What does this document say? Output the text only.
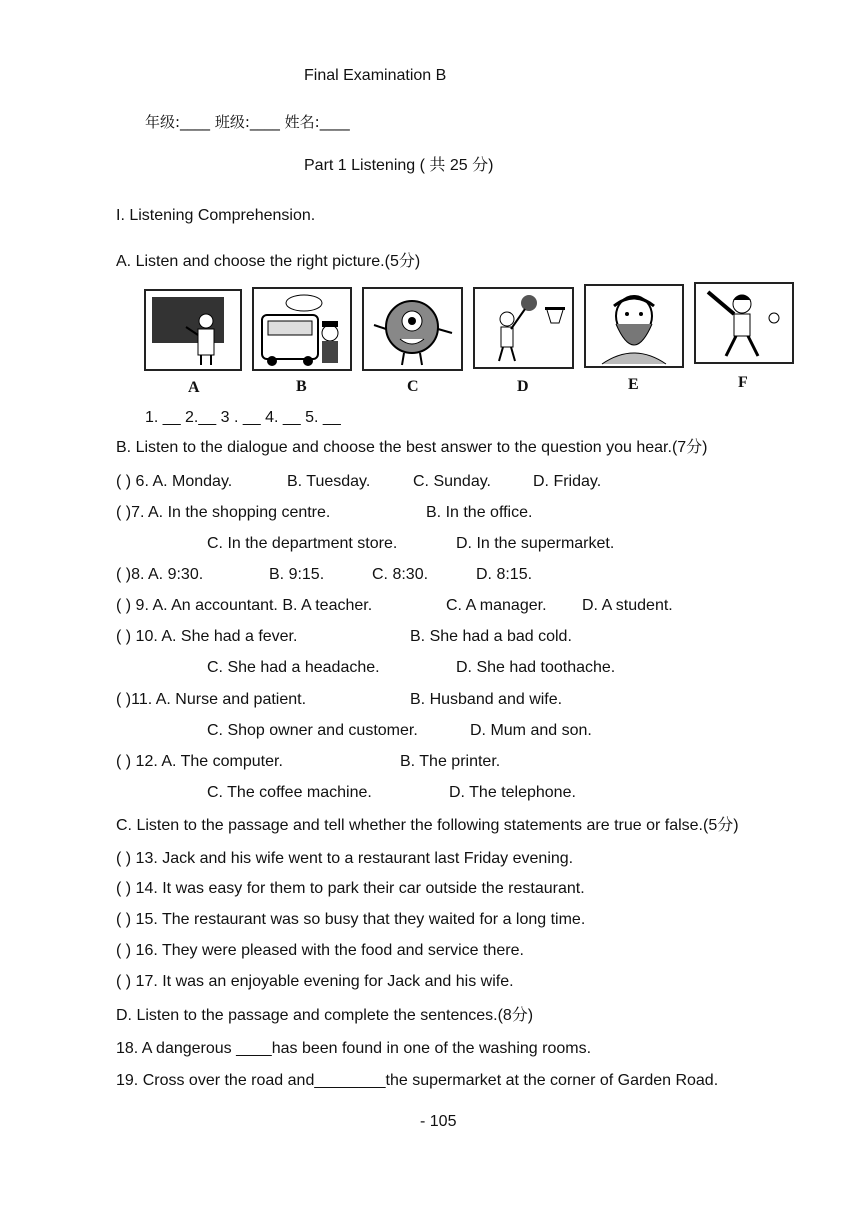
Final Examination B
年级:____ 班级:____ 姓名:____
Part 1 Listening ( 共 25 分)
I. Listening Comprehension.
A. Listen and choose the right picture.(5分)
A	B	C	D	E	F
1. __ 2.__ 3 . __ 4. __ 5. __
B. Listen to the dialogue and choose the best answer to the question you hear.(7分)
( ) 6. A. Monday.	B. Tuesday.	C. Sunday.	D. Friday.
( )7. A. In the shopping centre.	B. In the office.
C. In the department store.	D. In the supermarket.
( )8. A. 9:30.	B. 9:15.	C. 8:30.	D. 8:15.
( ) 9. A. An accountant. B. A teacher.	C. A manager. D. A student.
( ) 10. A. She had a fever.	B. She had a bad cold.
C. She had a headache.	D. She had toothache.
( )11. A. Nurse and patient.	B. Husband and wife.
C. Shop owner and customer.	D. Mum and son.
( ) 12. A. The computer.	B. The printer.
C. The coffee machine.	D. The telephone.
C. Listen to the passage and tell whether the following statements are true or false.(5分)
( ) 13. Jack and his wife went to a restaurant last Friday evening.
( ) 14. It was easy for them to park their car outside the restaurant.
( ) 15. The restaurant was so busy that they waited for a long time.
( ) 16. They were pleased with the food and service there.
( ) 17. It was an enjoyable evening for Jack and his wife.
D. Listen to the passage and complete the sentences.(8分)
18. A dangerous ____has been found in one of the washing rooms.
19. Cross over the road and________the supermarket at the corner of Garden Road.
- 105
